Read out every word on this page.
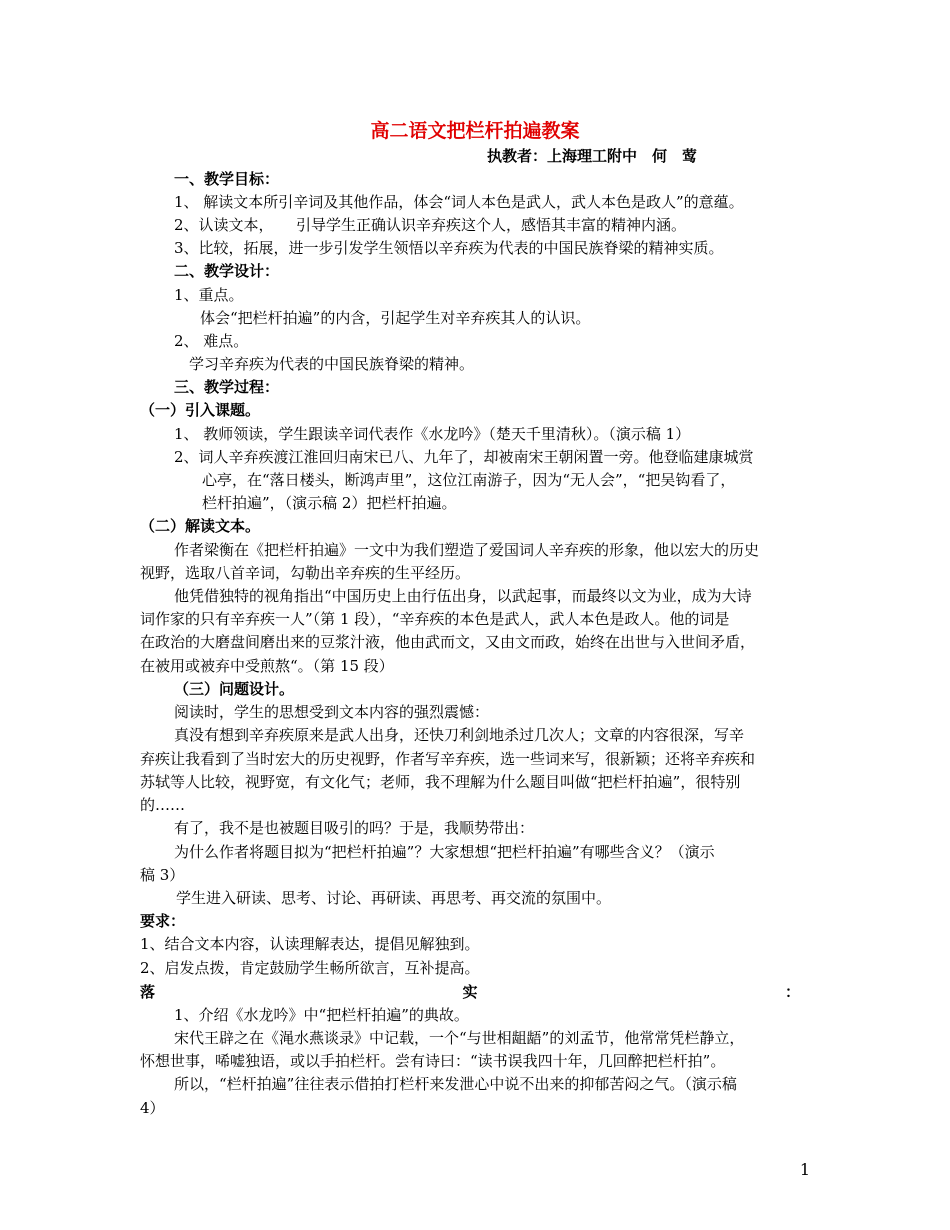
高二语文把栏杆拍遍教案
执教者：上海理工附中　何　莺
一、教学目标：
1、 解读文本所引辛词及其他作品，体会“词人本色是武人，武人本色是政人”的意蕴。
2、认读文本，　　引导学生正确认识辛弃疾这个人，感悟其丰富的精神内涵。
3、比较，拓展，进一步引发学生领悟以辛弃疾为代表的中国民族脊梁的精神实质。
二、教学设计：
1、重点。
体会“把栏杆拍遍”的内含，引起学生对辛弃疾其人的认识。
2、 难点。
学习辛弃疾为代表的中国民族脊梁的精神。
三、教学过程：
（一）引入课题。
1、 教师领读，学生跟读辛词代表作《水龙吟》（楚天千里清秋）。（演示稿 1）
2、词人辛弃疾渡江淮回归南宋已八、九年了，却被南宋王朝闲置一旁。他登临建康城赏
心亭，在“落日楼头，断鸿声里”，这位江南游子，因为“无人会”，“把吴钩看了，
栏杆拍遍”，（演示稿 2）把栏杆拍遍。
（二）解读文本。
作者梁衡在《把栏杆拍遍》一文中为我们塑造了爱国词人辛弃疾的形象，他以宏大的历史
视野，选取八首辛词，勾勒出辛弃疾的生平经历。
他凭借独特的视角指出“中国历史上由行伍出身，以武起事，而最终以文为业，成为大诗
词作家的只有辛弃疾一人”（第 1 段），“辛弃疾的本色是武人，武人本色是政人。他的词是
在政治的大磨盘间磨出来的豆浆汁液，他由武而文，又由文而政，始终在出世与入世间矛盾，
在被用或被弃中受煎熬“。（第 15 段）
（三）问题设计。
阅读时，学生的思想受到文本内容的强烈震憾：
真没有想到辛弃疾原来是武人出身，还快刀利剑地杀过几次人；文章的内容很深，写辛
弃疾让我看到了当时宏大的历史视野，作者写辛弃疾，选一些词来写，很新颖；还将辛弃疾和
苏轼等人比较，视野宽，有文化气；老师，我不理解为什么题目叫做“把栏杆拍遍”，很特别
的……
有了，我不是也被题目吸引的吗？于是，我顺势带出：
为什么作者将题目拟为“把栏杆拍遍”？大家想想“把栏杆拍遍”有哪些含义？（演示
稿 3）
学生进入研读、思考、讨论、再研读、再思考、再交流的氛围中。
要求：
1、结合文本内容，认读理解表达，提倡见解独到。
2、启发点拨，肯定鼓励学生畅所欲言，互补提高。
落	实	：
1、介绍《水龙吟》中“把栏杆拍遍”的典故。
宋代王辟之在《渑水燕谈录》中记载，一个“与世相龃龉”的刘孟节，他常常凭栏静立，
怀想世事，唏嘘独语，或以手拍栏杆。尝有诗曰：“读书误我四十年，几回醉把栏杆拍”。
所以，“栏杆拍遍”往往表示借拍打栏杆来发泄心中说不出来的抑郁苦闷之气。（演示稿
4）
1
